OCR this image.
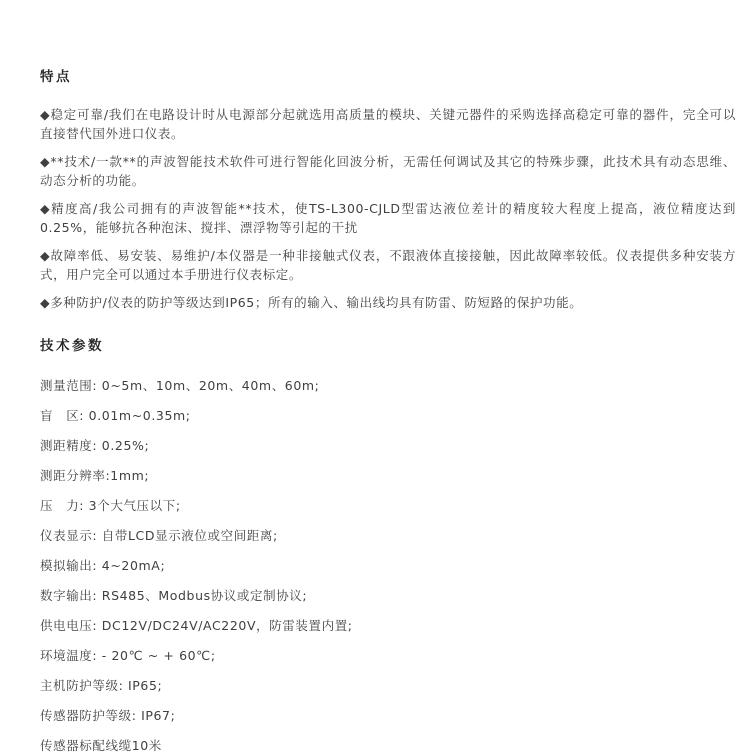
特点

◆稳定可靠/我们在电路设计时从电源部分起就选用高质量的模块、关键元器件的采购选择高稳定可靠的器件，完全可以直接替代国外进口仪表。

◆**技术/一款**的声波智能技术软件可进行智能化回波分析，无需任何调试及其它的特殊步骤，此技术具有动态思维、动态分析的功能。

◆精度高/我公司拥有的声波智能**技术，使TS-L300-CJLD型雷达液位差计的精度较大程度上提高，液位精度达到0.25%，能够抗各种泡沫、搅拌、漂浮物等引起的干扰

◆故障率低、易安装、易维护/本仪器是一种非接触式仪表，不跟液体直接接触，因此故障率较低。仪表提供多种安装方式，用户完全可以通过本手册进行仪表标定。

◆多种防护/仪表的防护等级达到IP65；所有的输入、输出线均具有防雷、防短路的保护功能。

技术参数
测量范围: 0~5m、10m、20m、40m、60m;
盲　区: 0.01m~0.35m;
测距精度: 0.25%;
测距分辨率:1mm;
压　力: 3个大气压以下;
仪表显示: 自带LCD显示液位或空间距离;
模拟输出: 4~20mA;
数字输出: RS485、Modbus协议或定制协议;
供电电压: DC12V/DC24V/AC220V，防雷装置内置;
环境温度: - 20℃ ~ + 60℃;
主机防护等级: IP65;
传感器防护等级: IP67;
传感器标配线缆10米
